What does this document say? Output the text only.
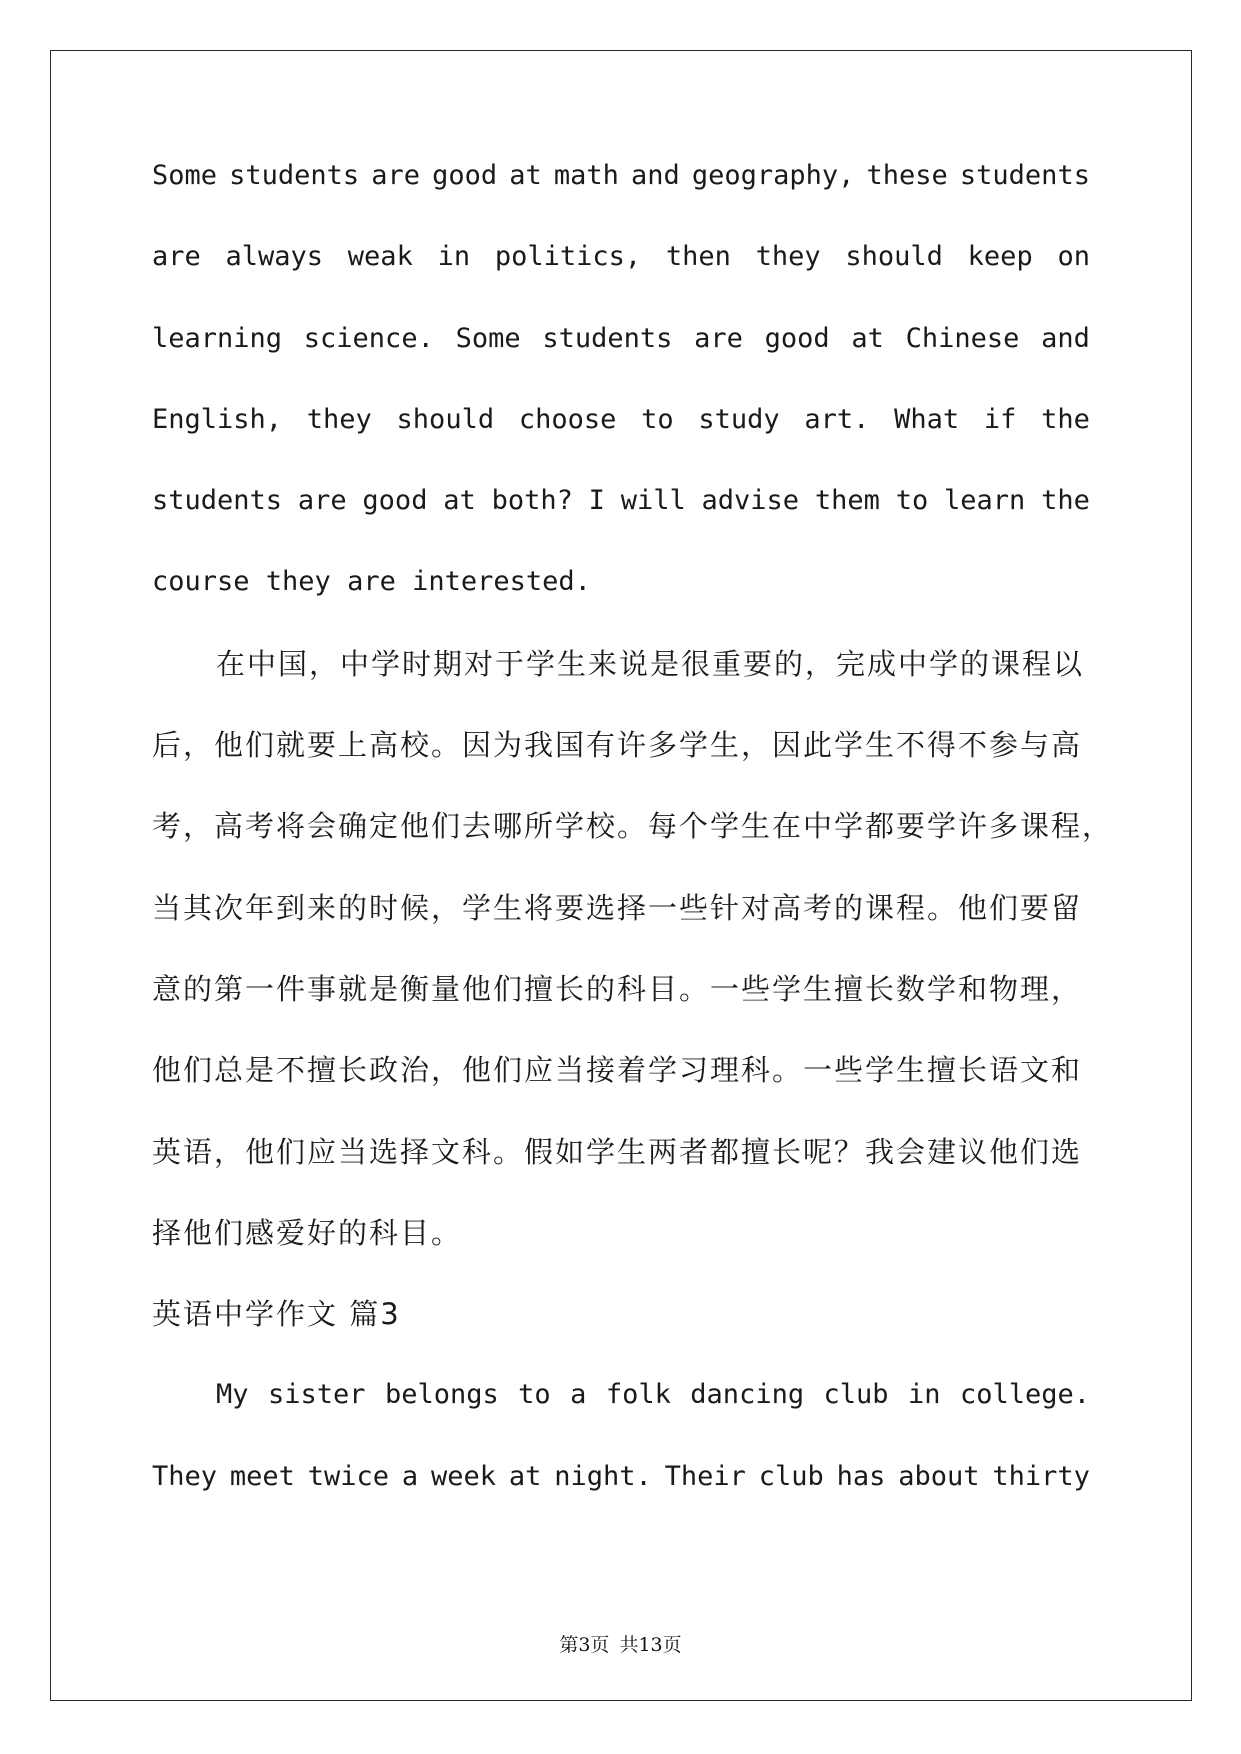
Some students are good at math and geography, these students
are always weak in politics, then they should keep on
learning science. Some students are good at Chinese and
English, they should choose to study art. What if the
students are good at both? I will advise them to learn the
course they are interested.
在中国，中学时期对于学生来说是很重要的，完成中学的课程以
后，他们就要上高校。因为我国有许多学生，因此学生不得不参与高
考，高考将会确定他们去哪所学校。每个学生在中学都要学许多课程，
当其次年到来的时候，学生将要选择一些针对高考的课程。他们要留
意的第一件事就是衡量他们擅长的科目。一些学生擅长数学和物理，
他们总是不擅长政治，他们应当接着学习理科。一些学生擅长语文和
英语，他们应当选择文科。假如学生两者都擅长呢？我会建议他们选
择他们感爱好的科目。
英语中学作文 篇3
My sister belongs to a folk dancing club in college.
They meet twice a week at night. Their club has about thirty
第3页 共13页
